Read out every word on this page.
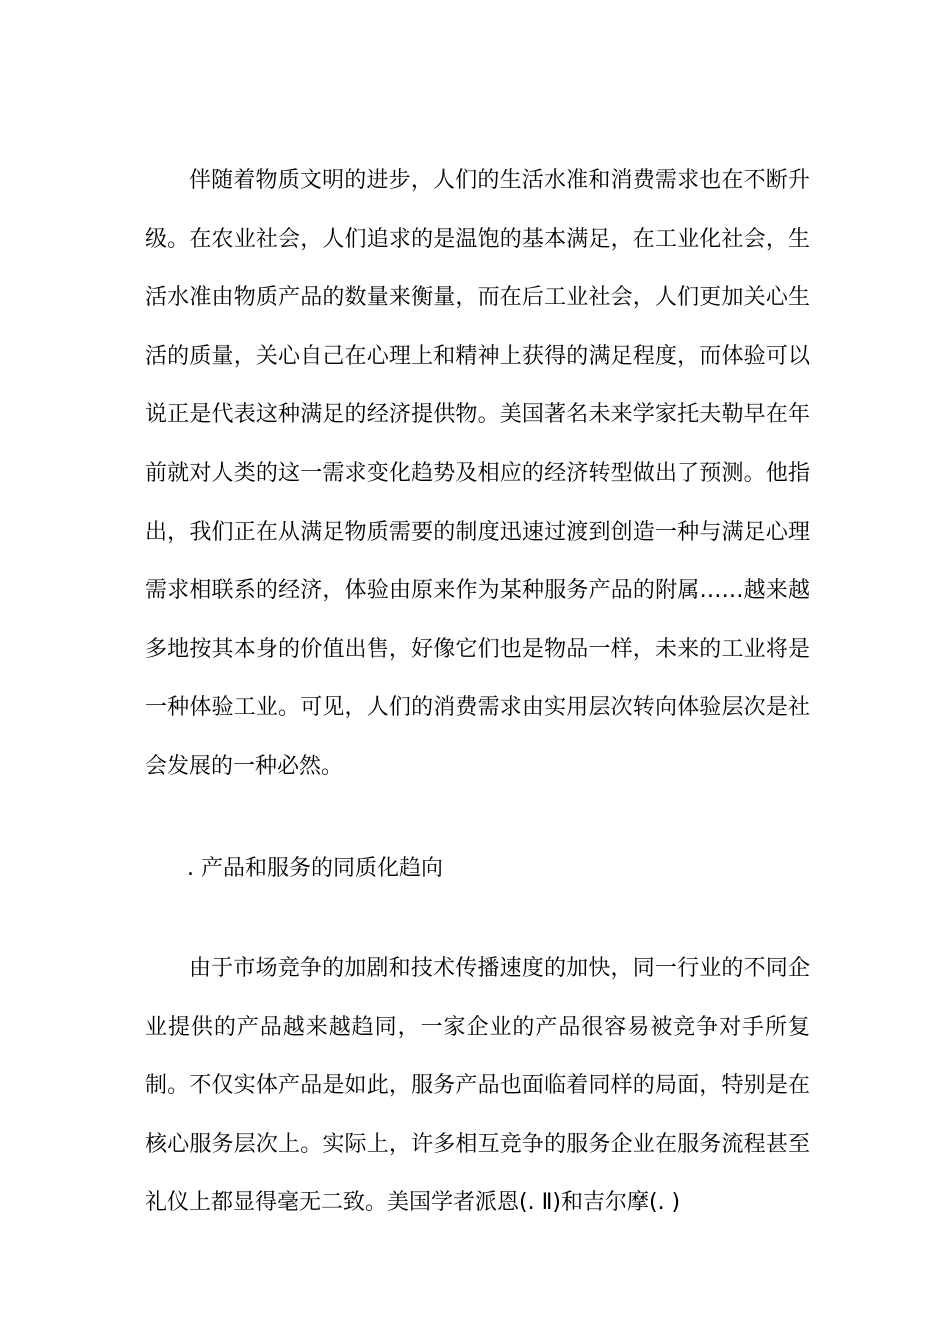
伴随着物质文明的进步，人们的生活水准和消费需求也在不断升级。在农业社会，人们追求的是温饱的基本满足，在工业化社会，生活水准由物质产品的数量来衡量，而在后工业社会，人们更加关心生活的质量，关心自己在心理上和精神上获得的满足程度，而体验可以说正是代表这种满足的经济提供物。美国著名未来学家托夫勒早在年前就对人类的这一需求变化趋势及相应的经济转型做出了预测。他指出，我们正在从满足物质需要的制度迅速过渡到创造一种与满足心理需求相联系的经济，体验由原来作为某种服务产品的附属……越来越多地按其本身的价值出售，好像它们也是物品一样，未来的工业将是一种体验工业。可见，人们的消费需求由实用层次转向体验层次是社会发展的一种必然。

. 产品和服务的同质化趋向

由于市场竞争的加剧和技术传播速度的加快，同一行业的不同企业提供的产品越来越趋同，一家企业的产品很容易被竞争对手所复制。不仅实体产品是如此，服务产品也面临着同样的局面，特别是在核心服务层次上。实际上，许多相互竞争的服务企业在服务流程甚至礼仪上都显得毫无二致。美国学者派恩(. Ⅱ)和吉尔摩(. )
